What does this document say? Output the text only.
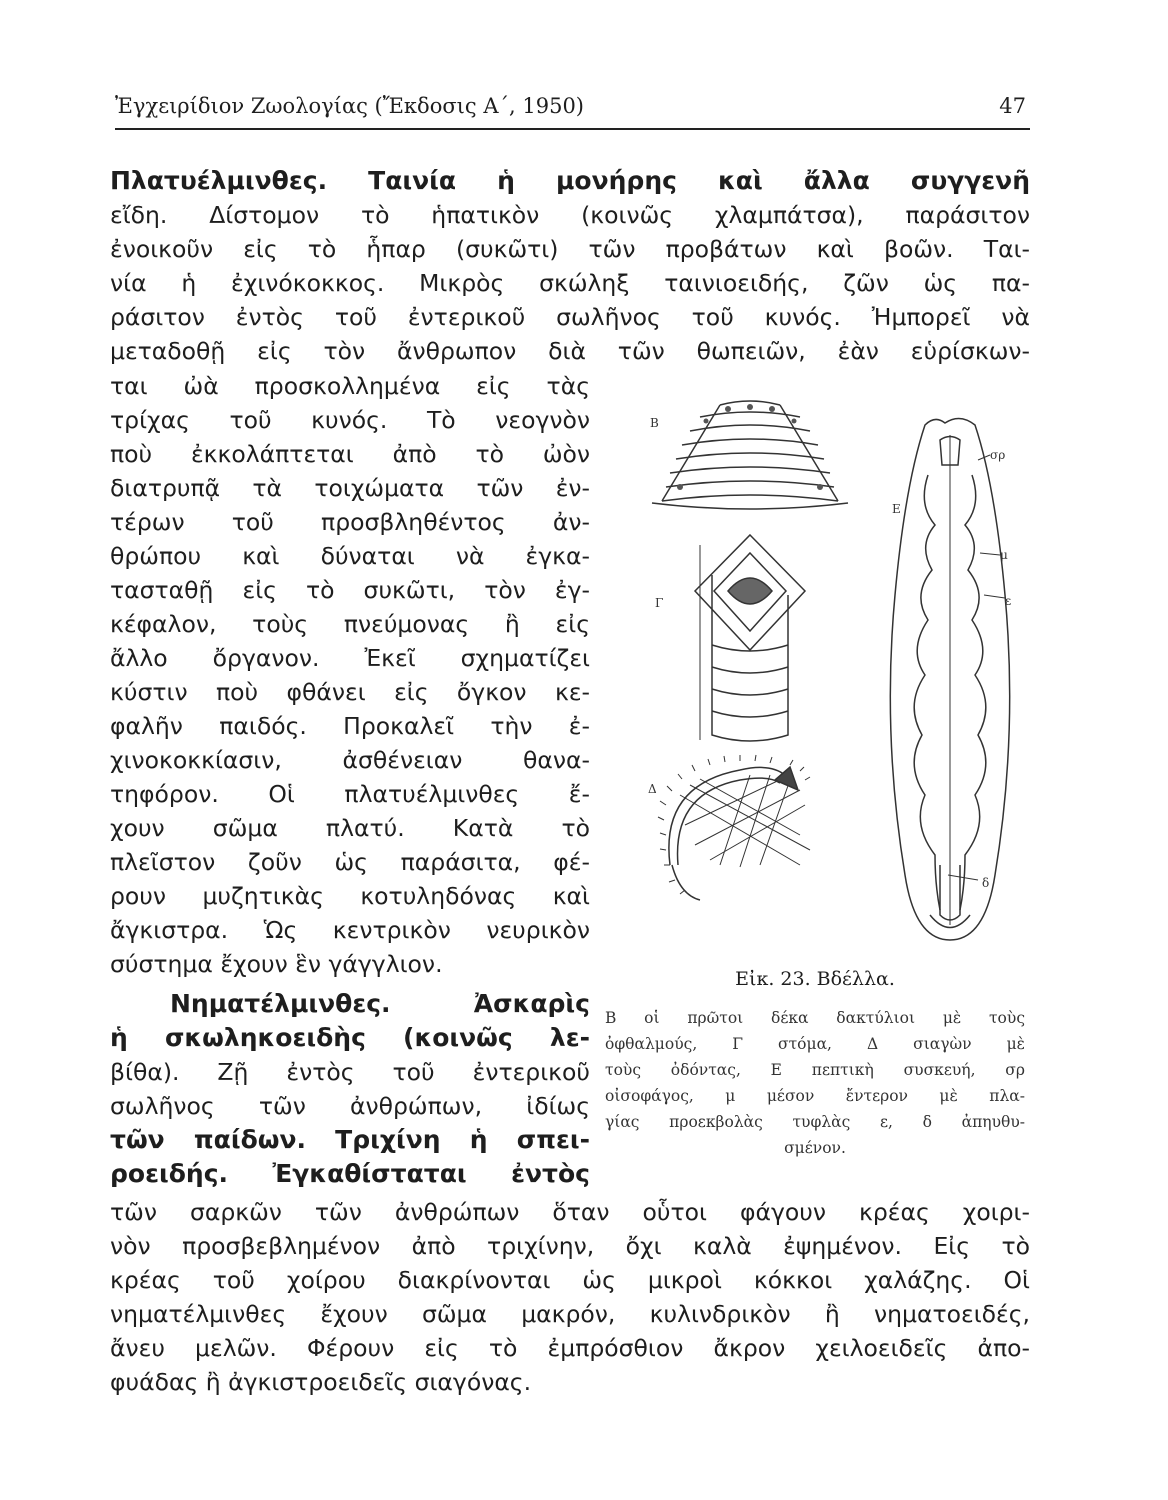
Ἐγχειρίδιον Ζωολογίας (Ἔκδοσις Α΄, 1950)	47
Πλατυέλμινθες. Ταινία ἡ μονήρης καὶ ἄλλα συγγενῆ
εἴδη. Δίστομον τὸ ἡπατικὸν (κοινῶς χλαμπάτσα), παράσιτον
ἐνοικοῦν εἰς τὸ ἧπαρ (συκῶτι) τῶν προβάτων καὶ βοῶν. Ται-
νία ἡ ἐχινόκοκκος. Μικρὸς σκώληξ ταινιοειδής, ζῶν ὡς πα-
ράσιτον ἐντὸς τοῦ ἐντερικοῦ σωλῆνος τοῦ κυνός. Ἠμπορεῖ νὰ
μεταδοθῇ εἰς τὸν ἄνθρωπον διὰ τῶν θωπειῶν, ἐὰν εὑρίσκων-
ται ὠὰ προσκολλημένα εἰς τὰς
τρίχας τοῦ κυνός. Τὸ νεογνὸν
ποὺ ἐκκολάπτεται ἀπὸ τὸ ὠὸν
διατρυπᾷ τὰ τοιχώματα τῶν ἐν-
τέρων τοῦ προσβληθέντος ἀν-
θρώπου καὶ δύναται νὰ ἐγκα-
τασταθῇ εἰς τὸ συκῶτι, τὸν ἐγ-
κέφαλον, τοὺς πνεύμονας ἢ εἰς
ἄλλο ὄργανον. Ἐκεῖ σχηματίζει
κύστιν ποὺ φθάνει εἰς ὄγκον κε-
φαλῆν παιδός. Προκαλεῖ τὴν ἐ-
χινοκοκκίασιν, ἀσθένειαν θανα-
τηφόρον. Οἱ πλατυέλμινθες ἔ-
χουν σῶμα πλατύ. Κατὰ τὸ
πλεῖστον ζοῦν ὡς παράσιτα, φέ-
ρουν μυζητικὰς κοτυληδόνας καὶ
ἄγκιστρα. Ὡς κεντρικὸν νευρικὸν
σύστημα ἔχουν ἓν γάγγλιον.
Νηματέλμινθες. Ἀσκαρὶς
ἡ σκωληκοειδὴς (κοινῶς λε-
βίθα). Ζῇ ἐντὸς τοῦ ἐντερικοῦ
σωλῆνος τῶν ἀνθρώπων, ἰδίως
τῶν παίδων. Τριχίνη ἡ σπει-
ροειδής. Ἐγκαθίσταται ἐντὸς
τῶν σαρκῶν τῶν ἀνθρώπων ὅταν οὗτοι φάγουν κρέας χοιρι-
νὸν προσβεβλημένον ἀπὸ τριχίνην, ὄχι καλὰ ἐψημένον. Εἰς τὸ
κρέας τοῦ χοίρου διακρίνονται ὡς μικροὶ κόκκοι χαλάζης. Οἱ
νηματέλμινθες ἔχουν σῶμα μακρόν, κυλινδρικὸν ἢ νηματοειδές,
ἄνευ μελῶν. Φέρουν εἰς τὸ ἐμπρόσθιον ἄκρον χειλοειδεῖς ἀπο-
φυάδας ἢ ἀγκιστροειδεῖς σιαγόνας.
Β
Γ
Δ
Ε
σρ
μ
ε
δ
Εἰκ. 23. Βδέλλα.
Β οἱ πρῶτοι δέκα δακτύλιοι μὲ τοὺς
ὀφθαλμούς, Γ στόμα, Δ σιαγὼν μὲ
τοὺς ὀδόντας, Ε πεπτικὴ συσκευή, σρ
οἰσοφάγος, μ μέσον ἔντερον μὲ πλα-
γίας προεκβολὰς τυφλὰς ε, δ ἀπηυθυ-
σμένον.
